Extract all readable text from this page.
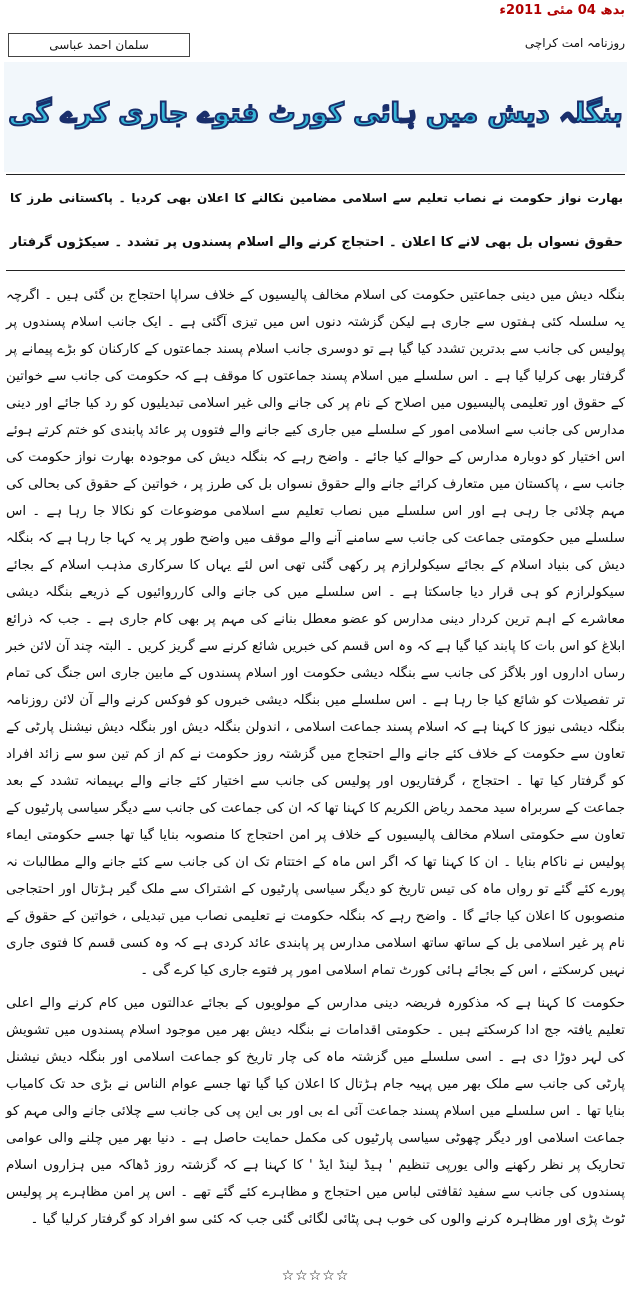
بدھ 04 مئی 2011ء
سلمان احمد عباسی	روزنامہ امت کراچی
بنگلہ دیش میں ہائی کورٹ فتوے جاری کرے گی
بھارت نواز حکومت نے نصاب تعلیم سے اسلامی مضامین نکالنے کا اعلان بھی کردیا ۔ پاکستانی طرز کا
حقوق نسواں بل بھی لانے کا اعلان ۔ احتجاج کرنے والے اسلام پسندوں پر تشدد ۔ سیکڑوں گرفتار

بنگلہ دیش میں دینی جماعتیں حکومت کی اسلام مخالف پالیسیوں کے خلاف سراپا احتجاج بن گئی ہیں ۔ اگرچہ یہ سلسلہ کئی ہفتوں سے جاری ہے لیکن گزشتہ دنوں اس میں تیزی آگئی ہے ۔ ایک جانب اسلام پسندوں پر پولیس کی جانب سے بدترین تشدد کیا گیا ہے تو دوسری جانب اسلام پسند جماعتوں کے کارکنان کو بڑے پیمانے پر گرفتار بھی کرلیا گیا ہے ۔ اس سلسلے میں اسلام پسند جماعتوں کا موقف ہے کہ حکومت کی جانب سے خواتین کے حقوق اور تعلیمی پالیسیوں میں اصلاح کے نام پر کی جانے والی غیر اسلامی تبدیلیوں کو رد کیا جائے اور دینی مدارس کی جانب سے اسلامی امور کے سلسلے میں جاری کیے جانے والے فتووں پر عائد پابندی کو ختم کرتے ہوئے اس اختیار کو دوبارہ مدارس کے حوالے کیا جائے ۔ واضح رہے کہ بنگلہ دیش کی موجودہ بھارت نواز حکومت کی جانب سے ، پاکستان میں متعارف کرائے جانے والے حقوق نسواں بل کی طرز پر ، خواتین کے حقوق کی بحالی کی مہم چلائی جا رہی ہے اور اس سلسلے میں نصاب تعلیم سے اسلامی موضوعات کو نکالا جا رہا ہے ۔ اس سلسلے میں حکومتی جماعت کی جانب سے سامنے آنے والے موقف میں واضح طور پر یہ کہا جا رہا ہے کہ بنگلہ دیش کی بنیاد اسلام کے بجائے سیکولرازم پر رکھی گئی تھی اس لئے یہاں کا سرکاری مذہب اسلام کے بجائے سیکولرازم کو ہی قرار دیا جاسکتا ہے ۔ اس سلسلے میں کی جانے والی کارروائیوں کے ذریعے بنگلہ دیشی معاشرے کے اہم ترین کردار دینی مدارس کو عضو معطل بنانے کی مہم پر بھی کام جاری ہے ۔ جب کہ ذرائع ابلاغ کو اس بات کا پابند کیا گیا ہے کہ وہ اس قسم کی خبریں شائع کرنے سے گریز کریں ۔ البتہ چند آن لائن خبر رساں اداروں اور بلاگز کی جانب سے بنگلہ دیشی حکومت اور اسلام پسندوں کے مابین جاری اس جنگ کی تمام تر تفصیلات کو شائع کیا جا رہا ہے ۔ اس سلسلے میں بنگلہ دیشی خبروں کو فوکس کرنے والے آن لائن روزنامہ بنگلہ دیشی نیوز کا کہنا ہے کہ اسلام پسند جماعت اسلامی ، اندولن بنگلہ دیش اور بنگلہ دیش نیشنل پارٹی کے تعاون سے حکومت کے خلاف کئے جانے والے احتجاج میں گزشتہ روز حکومت نے کم از کم تین سو سے زائد افراد کو گرفتار کیا تھا ۔ احتجاج ، گرفتاریوں اور پولیس کی جانب سے اختیار کئے جانے والے بہیمانہ تشدد کے بعد جماعت کے سربراہ سید محمد ریاض الکریم کا کہنا تھا کہ ان کی جماعت کی جانب سے دیگر سیاسی پارٹیوں کے تعاون سے حکومتی اسلام مخالف پالیسیوں کے خلاف پر امن احتجاج کا منصوبہ بنایا گیا تھا جسے حکومتی ایماء پولیس نے ناکام بنایا ۔ ان کا کہنا تھا کہ اگر اس ماہ کے اختتام تک ان کی جانب سے کئے جانے والے مطالبات نہ پورے کئے گئے تو رواں ماہ کی تیس تاریخ کو دیگر سیاسی پارٹیوں کے اشتراک سے ملک گیر ہڑتال اور احتجاجی منصوبوں کا اعلان کیا جائے گا ۔ واضح رہے کہ بنگلہ حکومت نے تعلیمی نصاب میں تبدیلی ، خواتین کے حقوق کے نام پر غیر اسلامی بل کے ساتھ ساتھ اسلامی مدارس پر پابندی عائد کردی ہے کہ وہ کسی قسم کا فتوی جاری نہیں کرسکتے ، اس کے بجائے ہائی کورٹ تمام اسلامی امور پر فتوے جاری کیا کرے گی ۔

حکومت کا کہنا ہے کہ مذکورہ فریضہ دینی مدارس کے مولویوں کے بجائے عدالتوں میں کام کرنے والے اعلی تعلیم یافتہ جج ادا کرسکتے ہیں ۔ حکومتی اقدامات نے بنگلہ دیش بھر میں موجود اسلام پسندوں میں تشویش کی لہر دوڑا دی ہے ۔ اسی سلسلے میں گزشتہ ماہ کی چار تاریخ کو جماعت اسلامی اور بنگلہ دیش نیشنل پارٹی کی جانب سے ملک بھر میں پہیہ جام ہڑتال کا اعلان کیا گیا تھا جسے عوام الناس نے بڑی حد تک کامیاب بنایا تھا ۔ اس سلسلے میں اسلام پسند جماعت آئی اے بی اور بی این پی کی جانب سے چلائی جانے والی مہم کو جماعت اسلامی اور دیگر چھوٹی سیاسی پارٹیوں کی مکمل حمایت حاصل ہے ۔ دنیا بھر میں چلنے والی عوامی تحاریک پر نظر رکھنے والی یورپی تنظیم ' ہیڈ لینڈ ایڈ ' کا کہنا ہے کہ گزشتہ روز ڈھاکہ میں ہزاروں اسلام پسندوں کی جانب سے سفید ثقافتی لباس میں احتجاج و مظاہرے کئے گئے تھے ۔ اس پر امن مظاہرے پر پولیس ٹوٹ پڑی اور مظاہرہ کرنے والوں کی خوب ہی پٹائی لگائی گئی جب کہ کئی سو افراد کو گرفتار کرلیا گیا ۔

☆☆☆☆☆
